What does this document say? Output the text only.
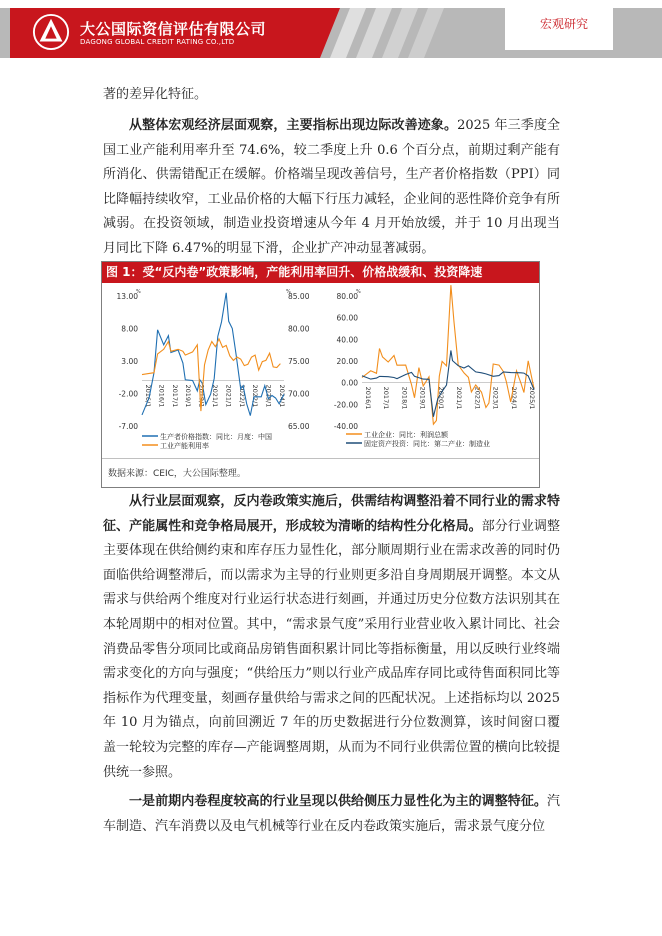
大公国际资信评估有限公司
DAGONG GLOBAL CREDIT RATING CO.,LTD
宏观研究

著的差异化特征。

从整体宏观经济层面观察，主要指标出现边际改善迹象。2025 年三季度全国工业产能利用率升至 74.6%，较二季度上升 0.6 个百分点，前期过剩产能有所消化、供需错配正在缓解。价格端呈现改善信号，生产者价格指数（PPI）同比降幅持续收窄，工业品价格的大幅下行压力减轻，企业间的恶性降价竞争有所减弱。在投资领域，制造业投资增速从今年 4 月开始放缓，并于 10 月出现当月同比下降 6.47%的明显下滑，企业扩产冲动显著减弱。

图 1：受“反内卷”政策影响，产能利用率回升、价格战缓和、投资降速
13.00
8.00
3.00
-2.00
-7.00
85.00
80.00
75.00
70.00
65.00
%	%
2016/1 2016/1 2017/1 2019/1 2019/1 2021/1 2021/1 2022/1 2022/1 2023/1 2024/1
生产者价格指数：同比：月度：中国
工业产能利用率
80.00
60.00
40.00
20.00
0.00
-20.00
-40.00
%
2016/1 2017/1 2018/1 2019/1 2020/1 2021/1 2022/1 2023/1 2024/1 2025/1
工业企业：同比：利润总额
固定资产投资：同比：第二产业：制造业
数据来源：CEIC，大公国际整理。

从行业层面观察，反内卷政策实施后，供需结构调整沿着不同行业的需求特征、产能属性和竞争格局展开，形成较为清晰的结构性分化格局。部分行业调整主要体现在供给侧约束和库存压力显性化，部分顺周期行业在需求改善的同时仍面临供给调整滞后，而以需求为主导的行业则更多沿自身周期展开调整。本文从需求与供给两个维度对行业运行状态进行刻画，并通过历史分位数方法识别其在本轮周期中的相对位置。其中，“需求景气度”采用行业营业收入累计同比、社会消费品零售分项同比或商品房销售面积累计同比等指标衡量，用以反映行业终端需求变化的方向与强度；“供给压力”则以行业产成品库存同比或待售面积同比等指标作为代理变量，刻画存量供给与需求之间的匹配状况。上述指标均以 2025 年 10 月为锚点，向前回溯近 7 年的历史数据进行分位数测算，该时间窗口覆盖一轮较为完整的库存—产能调整周期，从而为不同行业供需位置的横向比较提供统一参照。

一是前期内卷程度较高的行业呈现以供给侧压力显性化为主的调整特征。汽车制造、汽车消费以及电气机械等行业在反内卷政策实施后，需求景气度分位
